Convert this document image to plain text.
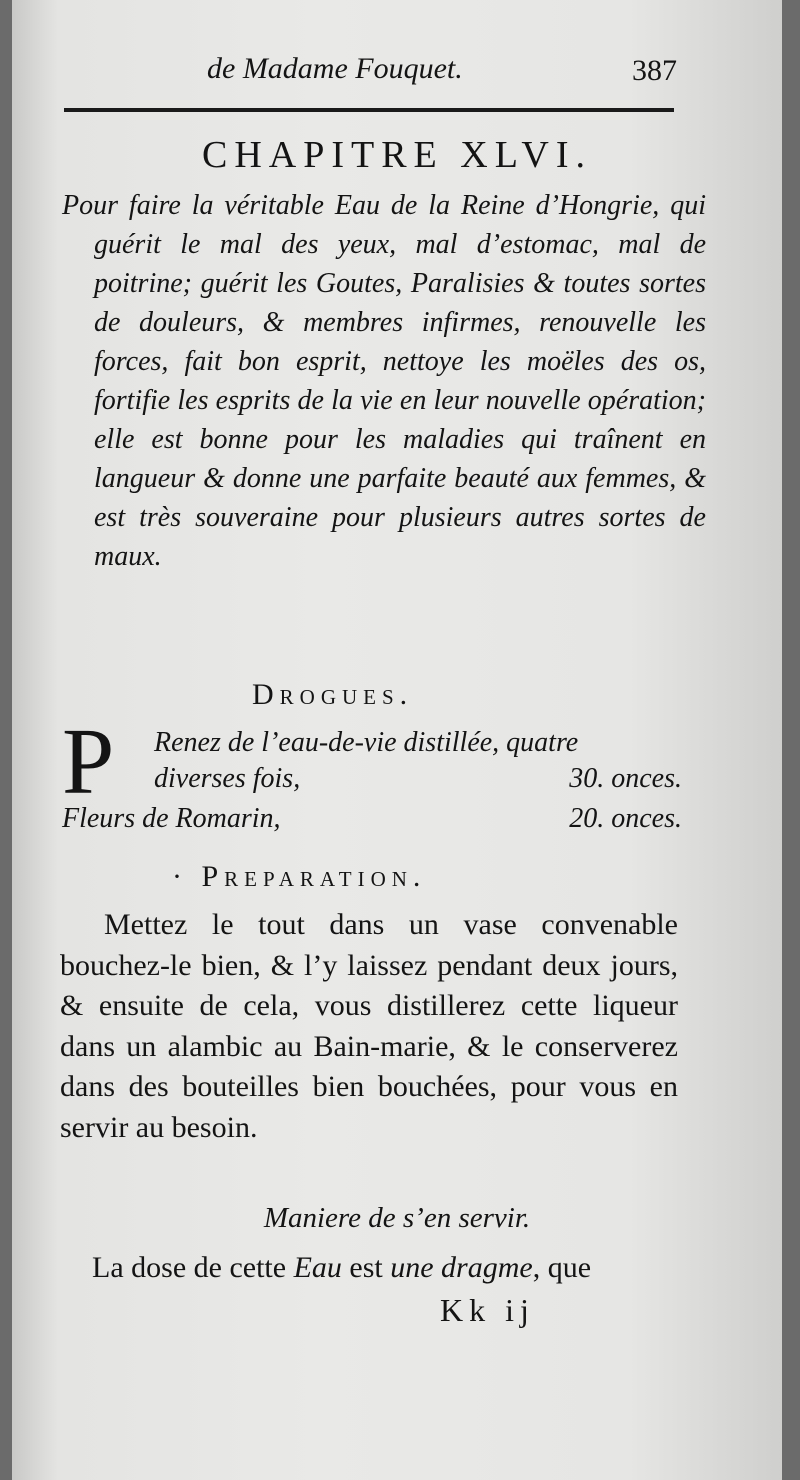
de Madame Fouquet.	387
CHAPITRE XLVI.

Pour faire la véritable Eau de la Reine d’Hongrie, qui guérit le mal des yeux, mal d’estomac, mal de poitrine; guérit les Goutes, Paralisies & toutes sortes de douleurs, & membres infirmes, renouvelle les forces, fait bon esprit, nettoye les moëles des os, fortifie les esprits de la vie en leur nouvelle opération; elle est bonne pour les maladies qui traînent en langueur & donne une parfaite beauté aux femmes, & est très souveraine pour plusieurs autres sortes de maux.

Drogues.
P Renez de l’eau-de-vie distillée, quatre
diverses fois,	30. onces.
Fleurs de Romarin,	20. onces.
· Preparation.

Mettez le tout dans un vase convenable bouchez-le bien, & l’y laissez pendant deux jours, & ensuite de cela, vous distillerez cette liqueur dans un alambic au Bain-marie, & le conserverez dans des bouteilles bien bouchées, pour vous en servir au besoin.

Maniere de s’en servir.

La dose de cette Eau est une dragme, que

Kk ij
